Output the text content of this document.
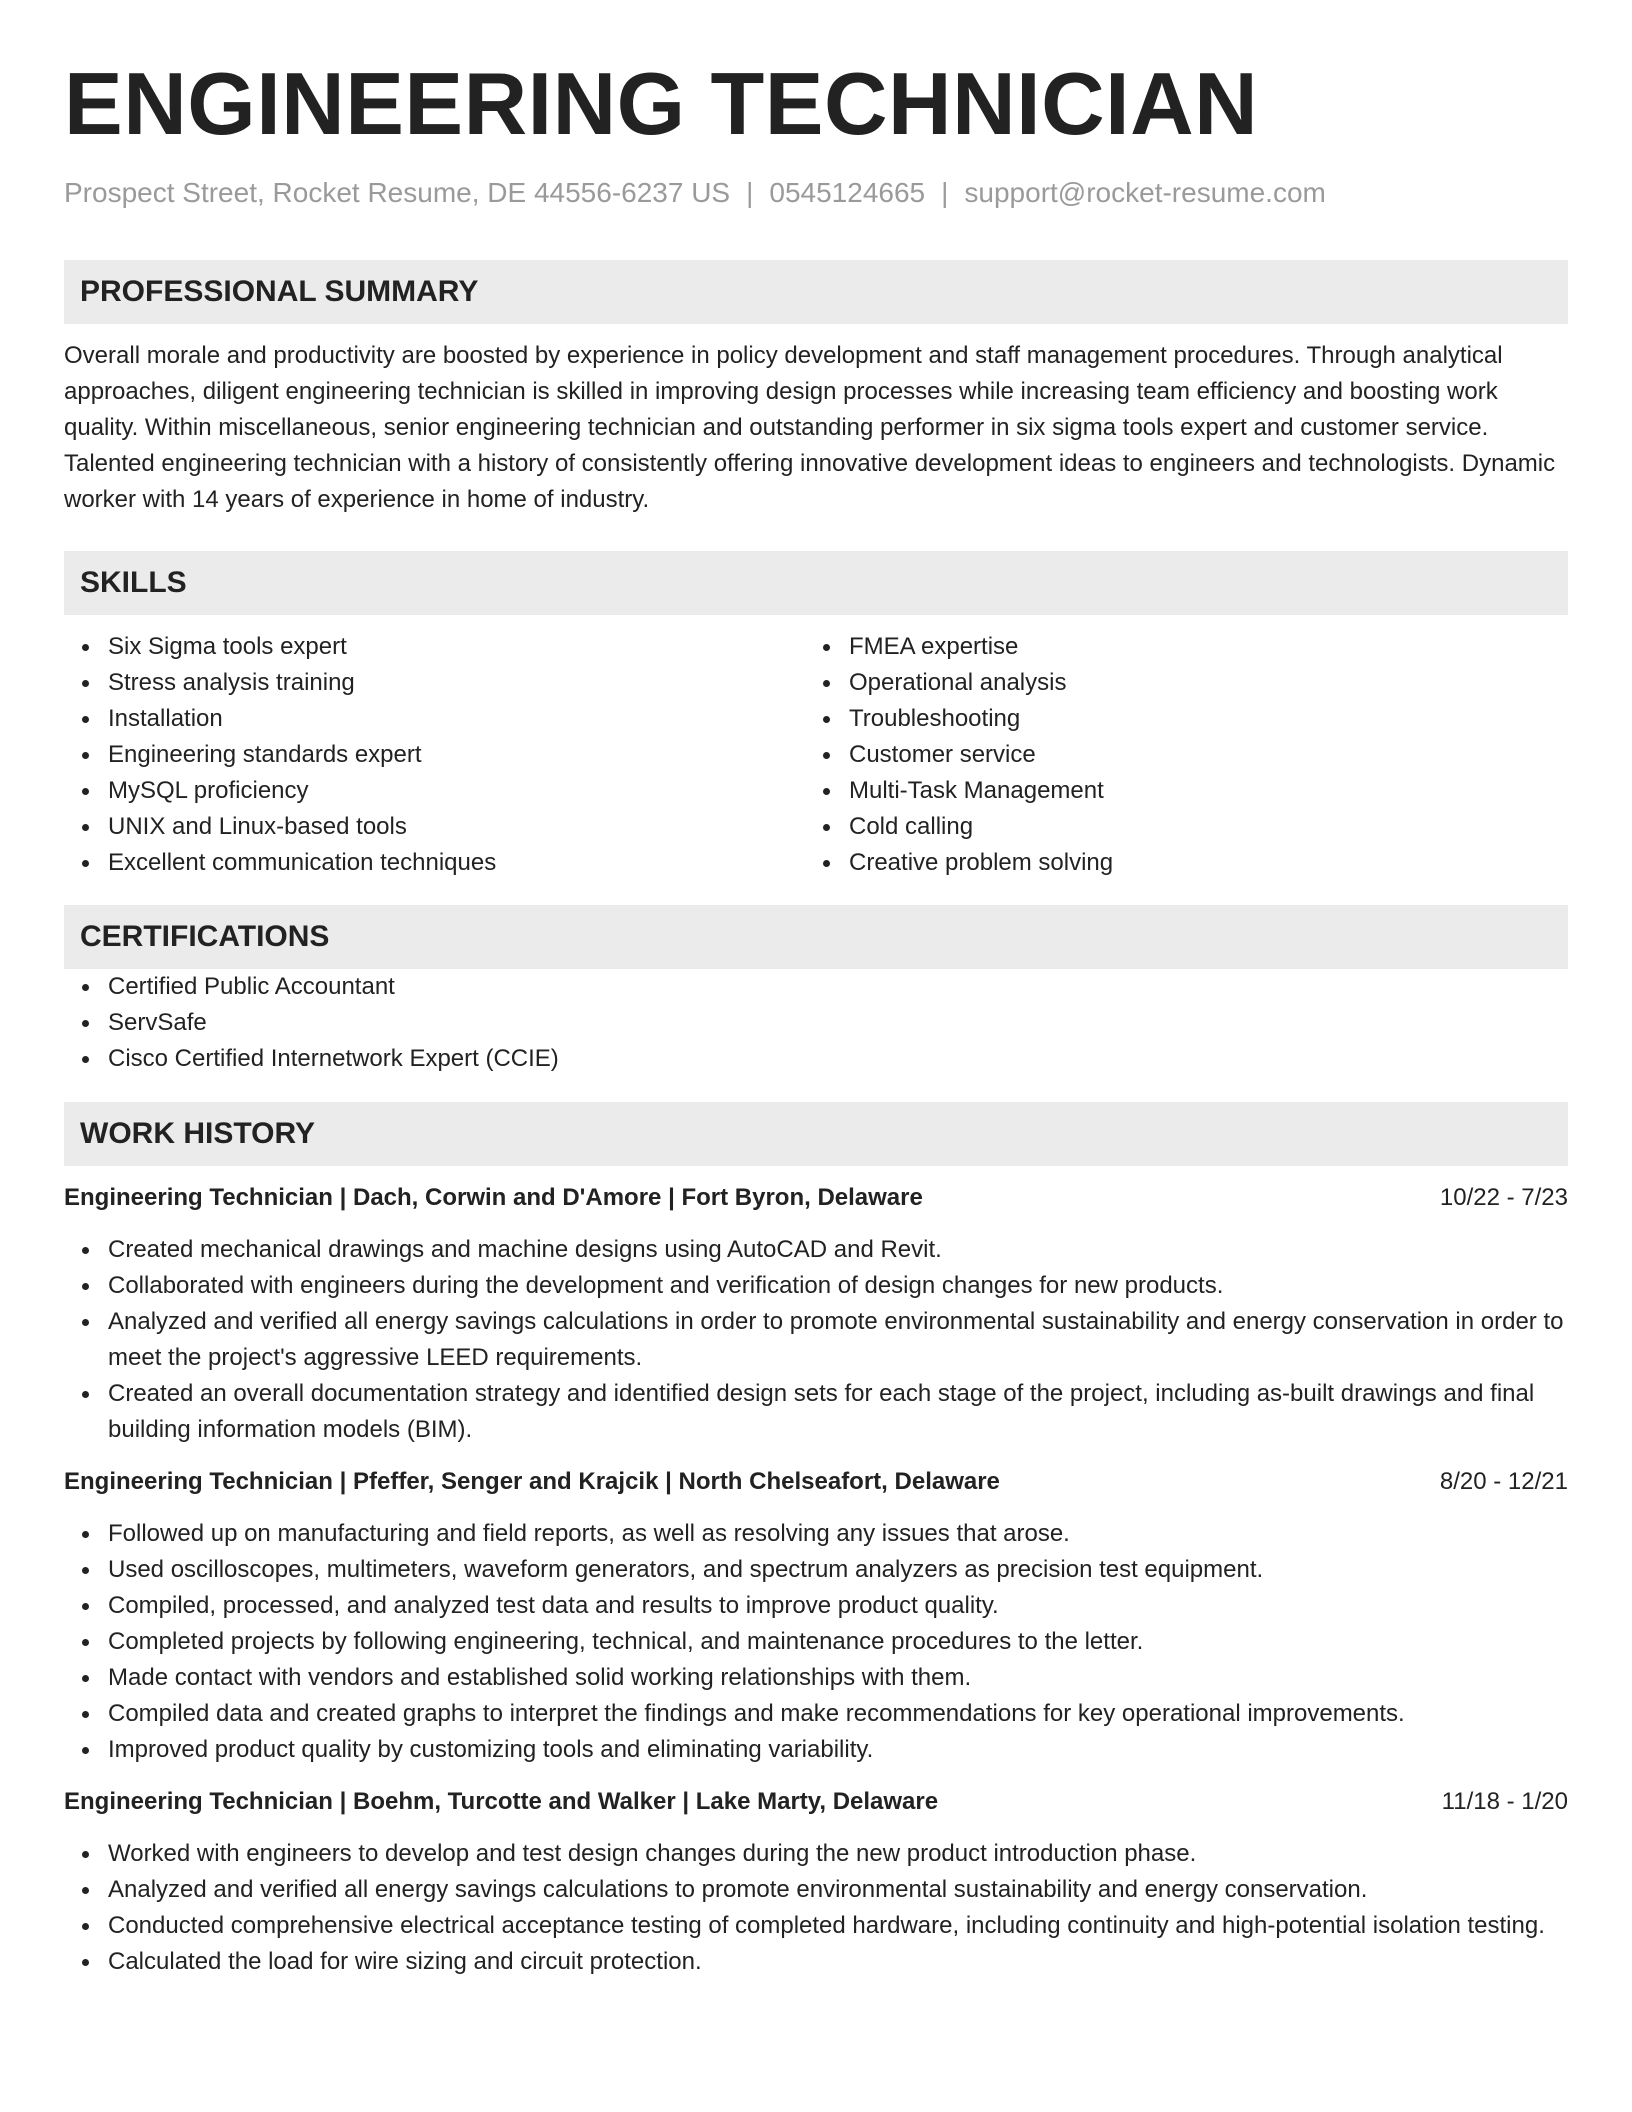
ENGINEERING TECHNICIAN
Prospect Street, Rocket Resume, DE 44556-6237 US | 0545124665 | support@rocket-resume.com
PROFESSIONAL SUMMARY
Overall morale and productivity are boosted by experience in policy development and staff management procedures. Through analytical approaches, diligent engineering technician is skilled in improving design processes while increasing team efficiency and boosting work quality. Within miscellaneous, senior engineering technician and outstanding performer in six sigma tools expert and customer service. Talented engineering technician with a history of consistently offering innovative development ideas to engineers and technologists. Dynamic worker with 14 years of experience in home of industry.
SKILLS
Six Sigma tools expert
Stress analysis training
Installation
Engineering standards expert
MySQL proficiency
UNIX and Linux-based tools
Excellent communication techniques
FMEA expertise
Operational analysis
Troubleshooting
Customer service
Multi-Task Management
Cold calling
Creative problem solving
CERTIFICATIONS
Certified Public Accountant
ServSafe
Cisco Certified Internetwork Expert (CCIE)
WORK HISTORY
Engineering Technician | Dach, Corwin and D'Amore | Fort Byron, Delaware	10/22 - 7/23
Created mechanical drawings and machine designs using AutoCAD and Revit.
Collaborated with engineers during the development and verification of design changes for new products.
Analyzed and verified all energy savings calculations in order to promote environmental sustainability and energy conservation in order to meet the project's aggressive LEED requirements.
Created an overall documentation strategy and identified design sets for each stage of the project, including as-built drawings and final building information models (BIM).
Engineering Technician | Pfeffer, Senger and Krajcik | North Chelseafort, Delaware	8/20 - 12/21
Followed up on manufacturing and field reports, as well as resolving any issues that arose.
Used oscilloscopes, multimeters, waveform generators, and spectrum analyzers as precision test equipment.
Compiled, processed, and analyzed test data and results to improve product quality.
Completed projects by following engineering, technical, and maintenance procedures to the letter.
Made contact with vendors and established solid working relationships with them.
Compiled data and created graphs to interpret the findings and make recommendations for key operational improvements.
Improved product quality by customizing tools and eliminating variability.
Engineering Technician | Boehm, Turcotte and Walker | Lake Marty, Delaware	11/18 - 1/20
Worked with engineers to develop and test design changes during the new product introduction phase.
Analyzed and verified all energy savings calculations to promote environmental sustainability and energy conservation.
Conducted comprehensive electrical acceptance testing of completed hardware, including continuity and high-potential isolation testing.
Calculated the load for wire sizing and circuit protection.
